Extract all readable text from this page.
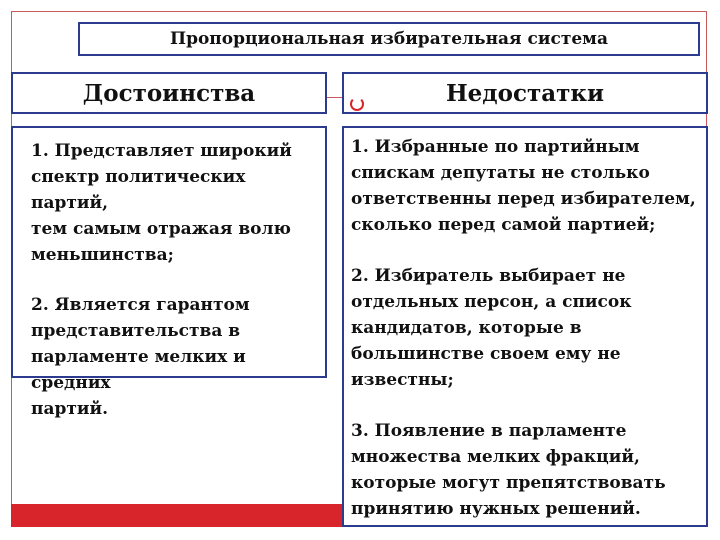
Пропорциональная избирательная система
Достоинства	Недостатки

1. Представляет широкий
спектр политических партий,
тем самым отражая волю
меньшинства;

2. Является гарантом
представительства в
парламенте мелких и средних
партий.

1. Избранные по партийным
спискам депутаты не столько
ответственны перед избирателем,
сколько перед самой партией;

2. Избиратель выбирает не
отдельных персон, а список
кандидатов, которые в
большинстве своем ему не
известны;

3. Появление в парламенте
множества мелких фракций,
которые могут препятствовать
принятию нужных решений.
